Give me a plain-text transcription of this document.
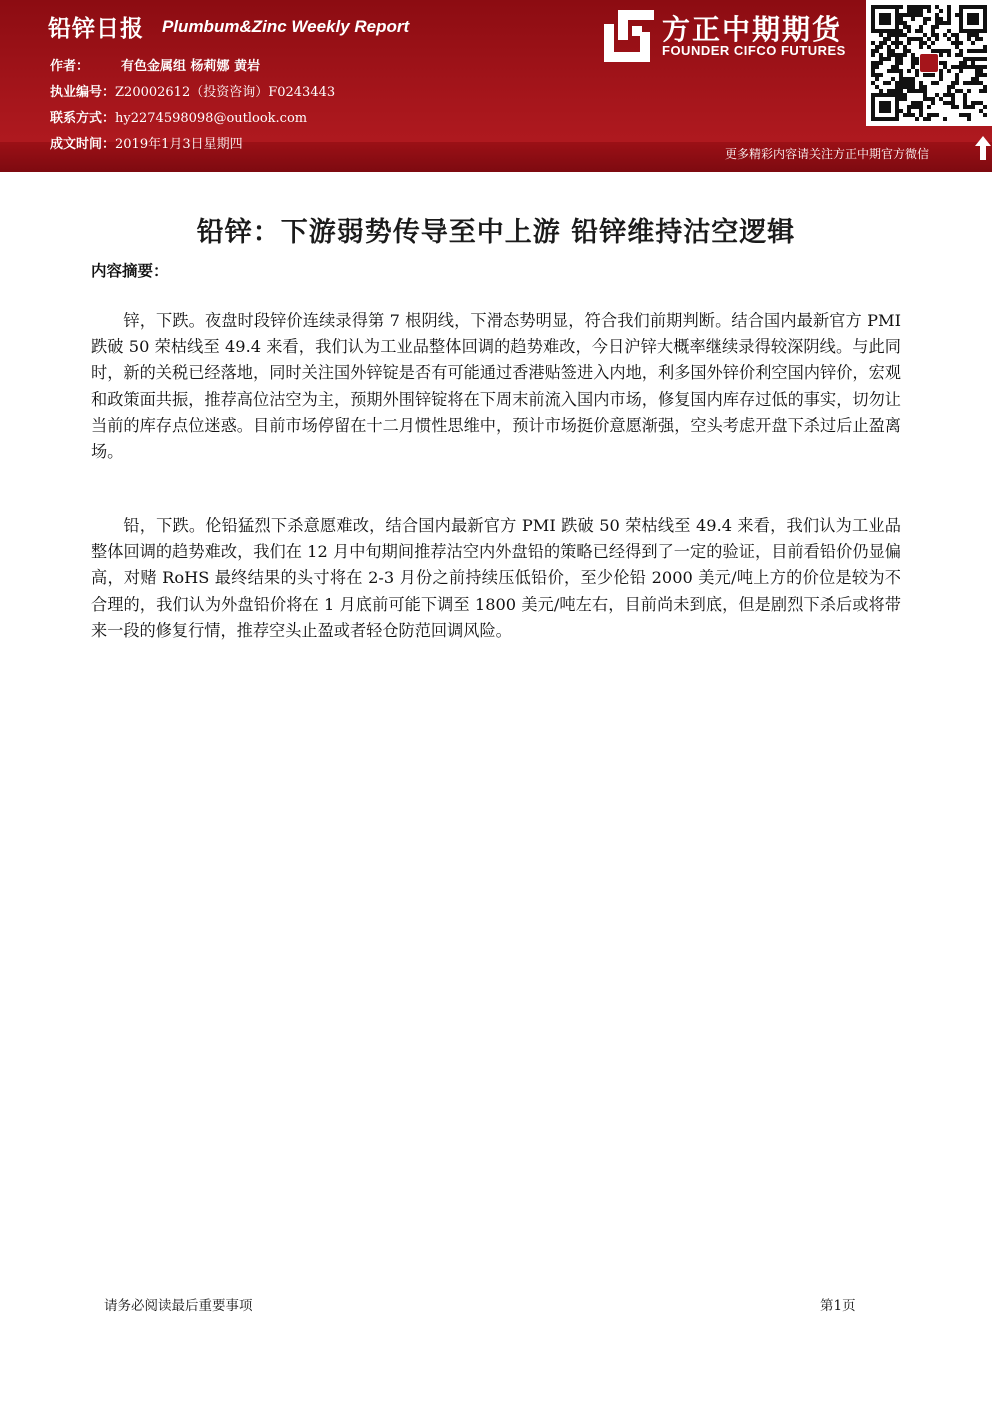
铅锌日报 Plumbum&Zinc Weekly Report
作者： 有色金属组 杨莉娜 黄岩
执业编号：Z20002612（投资咨询）F0243443
联系方式：hy2274598098@outlook.com
成文时间：2019年1月3日星期四
方正中期期货
FOUNDER CIFCO FUTURES
更多精彩内容请关注方正中期官方微信
铅锌：下游弱势传导至中上游 铅锌维持沽空逻辑
内容摘要：

锌，下跌。夜盘时段锌价连续录得第 7 根阴线，下滑态势明显，符合我们前期判断。结合国内最新官方 PMI 跌破 50 荣枯线至 49.4 来看，我们认为工业品整体回调的趋势难改，今日沪锌大概率继续录得较深阴线。与此同时，新的关税已经落地，同时关注国外锌锭是否有可能通过香港贴签进入内地，利多国外锌价利空国内锌价，宏观和政策面共振，推荐高位沽空为主，预期外围锌锭将在下周末前流入国内市场，修复国内库存过低的事实，切勿让当前的库存点位迷惑。目前市场停留在十二月惯性思维中，预计市场挺价意愿渐强，空头考虑开盘下杀过后止盈离场。

铅，下跌。伦铅猛烈下杀意愿难改，结合国内最新官方 PMI 跌破 50 荣枯线至 49.4 来看，我们认为工业品整体回调的趋势难改，我们在 12 月中旬期间推荐沽空内外盘铅的策略已经得到了一定的验证，目前看铅价仍显偏高，对赌 RoHS 最终结果的头寸将在 2-3 月份之前持续压低铅价，至少伦铅 2000 美元/吨上方的价位是较为不合理的，我们认为外盘铅价将在 1 月底前可能下调至 1800 美元/吨左右，目前尚未到底，但是剧烈下杀后或将带来一段的修复行情，推荐空头止盈或者轻仓防范回调风险。

请务必阅读最后重要事项	第1页
